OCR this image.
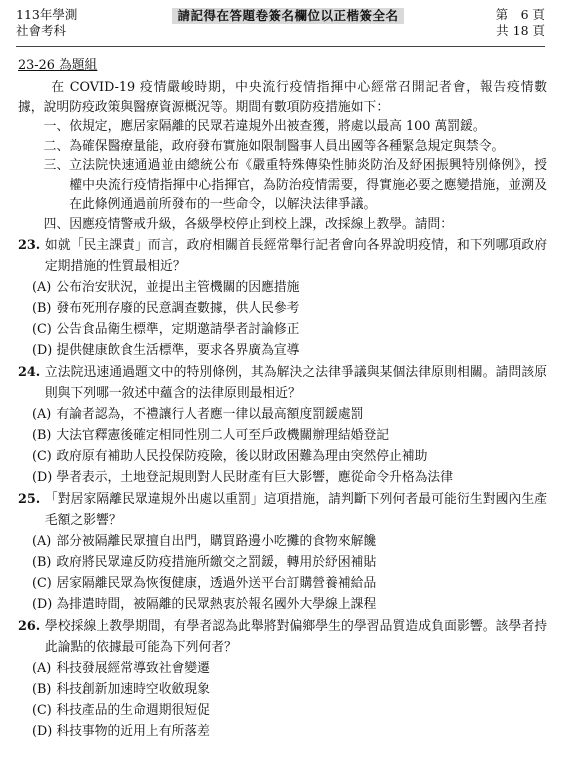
113年學測
社會考科
請記得在答題卷簽名欄位以正楷簽全名	第　6 頁
共 18 頁
23-26 為題組

在 COVID-19 疫情嚴峻時期，中央流行疫情指揮中心經常召開記者會，報告疫情數據，說明防疫政策與醫療資源概況等。期間有數項防疫措施如下：

一、 依規定，應居家隔離的民眾若違規外出被查獲，將處以最高 100 萬罰鍰。
二、 為確保醫療量能，政府發布實施如限制醫事人員出國等各種緊急規定與禁令。
三、 立法院快速通過並由總統公布《嚴重特殊傳染性肺炎防治及紓困振興特別條例》，授權中央流行疫情指揮中心指揮官，為防治疫情需要，得實施必要之應變措施，並溯及在此條例通過前所發布的一些命令，以解決法律爭議。
四、 因應疫情警戒升級，各級學校停止到校上課，改採線上教學。請問：
23. 如就「民主課責」而言，政府相關首長經常舉行記者會向各界說明疫情，和下列哪項政府定期措施的性質最相近？
(A) 公布治安狀況，並提出主管機關的因應措施
(B) 發布死刑存廢的民意調查數據，供人民參考
(C) 公告食品衛生標準，定期邀請學者討論修正
(D) 提供健康飲食生活標準，要求各界廣為宣導
24. 立法院迅速通過題文中的特別條例，其為解決之法律爭議與某個法律原則相關。請問該原則與下列哪一敘述中蘊含的法律原則最相近？
(A) 有論者認為，不禮讓行人者應一律以最高額度罰鍰處罰
(B) 大法官釋憲後確定相同性別二人可至戶政機關辦理結婚登記
(C) 政府原有補助人民投保防疫險，後以財政困難為理由突然停止補助
(D) 學者表示，土地登記規則對人民財產有巨大影響，應從命令升格為法律
25. 「對居家隔離民眾違規外出處以重罰」這項措施，請判斷下列何者最可能衍生對國內生產毛額之影響？
(A) 部分被隔離民眾擅自出門，購買路邊小吃攤的食物來解饞
(B) 政府將民眾違反防疫措施所繳交之罰鍰，轉用於紓困補貼
(C) 居家隔離民眾為恢復健康，透過外送平台訂購營養補給品
(D) 為排遣時間，被隔離的民眾熱衷於報名國外大學線上課程
26. 學校採線上教學期間，有學者認為此舉將對偏鄉學生的學習品質造成負面影響。該學者持此論點的依據最可能為下列何者？
(A) 科技發展經常導致社會變遷
(B) 科技創新加速時空收斂現象
(C) 科技產品的生命週期很短促
(D) 科技事物的近用上有所落差
